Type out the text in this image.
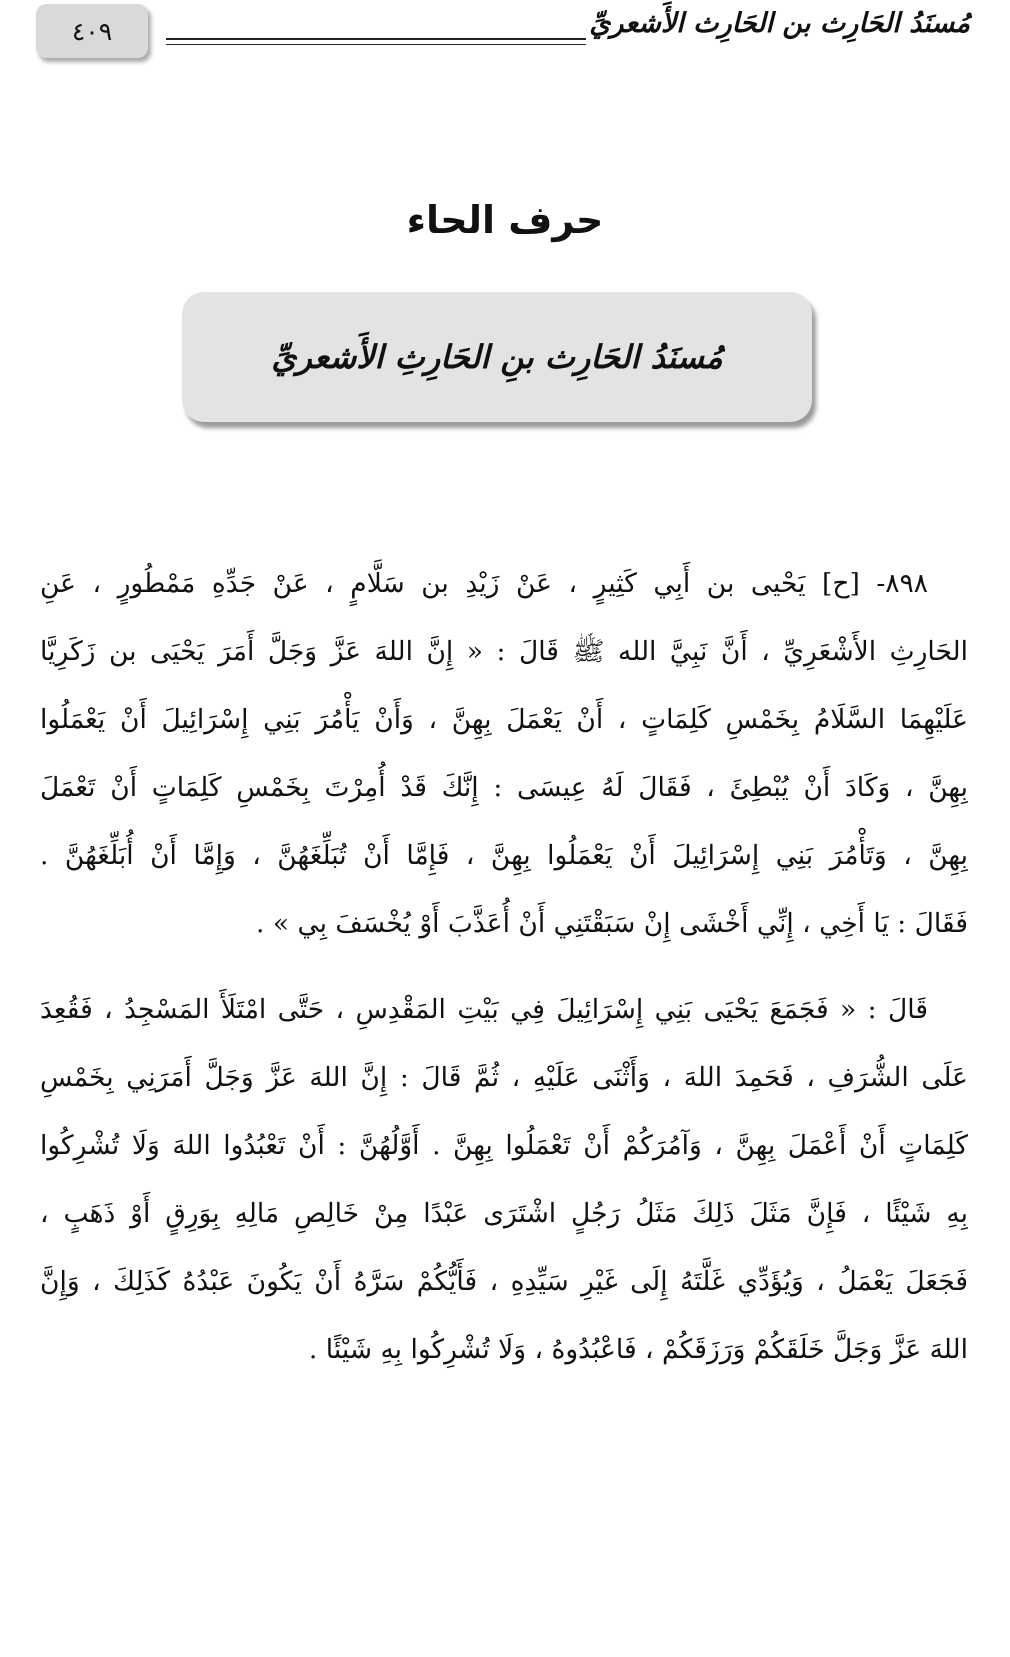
٤٠٩	مُسنَدُ الحَارِث بن الحَارِث الأَشعريِّ
حرف الحاء
مُسنَدُ الحَارِث بنِ الحَارِثِ الأَشعريِّ
٨٩٨- [ح] يَحْيى بن أَبِي كَثِيرٍ ، عَنْ زَيْدِ بن سَلَّامٍ ، عَنْ جَدِّهِ مَمْطُورٍ ، عَنِ
الحَارِثِ الأَشْعَرِيِّ ، أَنَّ نَبِيَّ الله ﷺ قَالَ : « إِنَّ اللهَ عَزَّ وَجَلَّ أَمَرَ يَحْيَى بن زَكَرِيَّا
عَلَيْهِمَا السَّلَامُ بِخَمْسِ كَلِمَاتٍ ، أَنْ يَعْمَلَ بِهِنَّ ، وَأَنْ يَأْمُرَ بَنِي إِسْرَائِيلَ أَنْ يَعْمَلُوا
بِهِنَّ ، وَكَادَ أَنْ يُبْطِئَ ، فَقَالَ لَهُ عِيسَى : إِنَّكَ قَدْ أُمِرْتَ بِخَمْسِ كَلِمَاتٍ أَنْ تَعْمَلَ
بِهِنَّ ، وَتَأْمُرَ بَنِي إِسْرَائِيلَ أَنْ يَعْمَلُوا بِهِنَّ ، فَإِمَّا أَنْ تُبَلِّغَهُنَّ ، وَإِمَّا أَنْ أُبَلِّغَهُنَّ .
فَقَالَ : يَا أَخِي ، إِنِّي أَخْشَى إِنْ سَبَقْتَنِي أَنْ أُعَذَّبَ أَوْ يُخْسَفَ بِي » .
قَالَ : « فَجَمَعَ يَحْيَى بَنِي إِسْرَائِيلَ فِي بَيْتِ المَقْدِسِ ، حَتَّى امْتَلَأَ المَسْجِدُ ، فَقُعِدَ
عَلَى الشُّرَفِ ، فَحَمِدَ اللهَ ، وَأَثْنَى عَلَيْهِ ، ثُمَّ قَالَ : إِنَّ اللهَ عَزَّ وَجَلَّ أَمَرَنِي بِخَمْسِ
كَلِمَاتٍ أَنْ أَعْمَلَ بِهِنَّ ، وَآمُرَكُمْ أَنْ تَعْمَلُوا بِهِنَّ . أَوَّلُهُنَّ : أَنْ تَعْبُدُوا اللهَ وَلَا تُشْرِكُوا
بِهِ شَيْئًا ، فَإِنَّ مَثَلَ ذَلِكَ مَثَلُ رَجُلٍ اشْتَرَى عَبْدًا مِنْ خَالِصِ مَالِهِ بِوَرِقٍ أَوْ ذَهَبٍ ،
فَجَعَلَ يَعْمَلُ ، وَيُؤَدِّي غَلَّتَهُ إِلَى غَيْرِ سَيِّدِهِ ، فَأَيُّكُمْ سَرَّهُ أَنْ يَكُونَ عَبْدُهُ كَذَلِكَ ، وَإِنَّ
اللهَ عَزَّ وَجَلَّ خَلَقَكُمْ وَرَزَقَكُمْ ، فَاعْبُدُوهُ ، وَلَا تُشْرِكُوا بِهِ شَيْئًا .
